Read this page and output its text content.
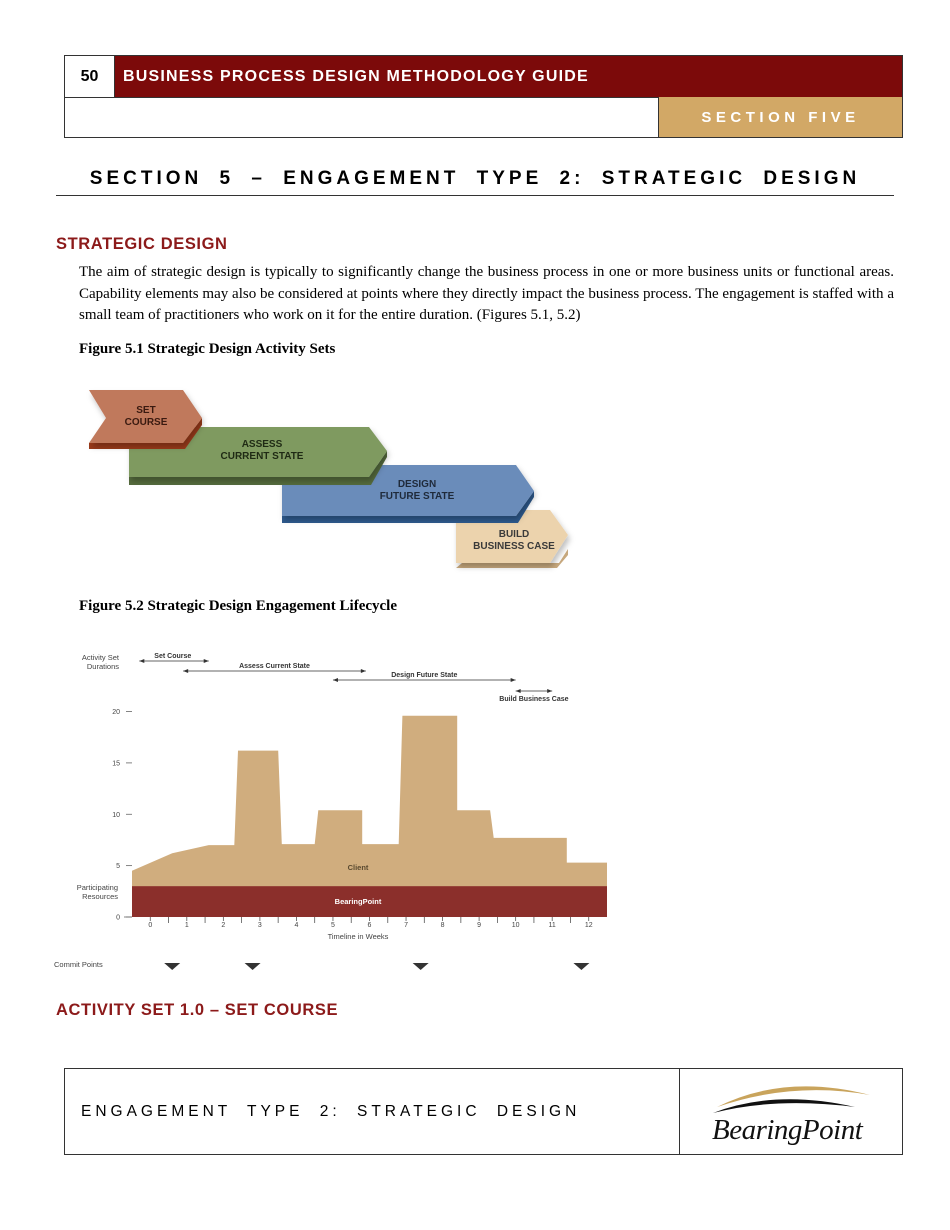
50	BUSINESS PROCESS DESIGN METHODOLOGY GUIDE
SECTION FIVE
SECTION 5 – ENGAGEMENT TYPE 2: STRATEGIC DESIGN
STRATEGIC DESIGN
The aim of strategic design is typically to significantly change the business process in one or more business units or functional areas. Capability elements may also be considered at points where they directly impact the business process. The engagement is staffed with a small team of practitioners who work on it for the entire duration. (Figures 5.1, 5.2)
Figure 5.1 Strategic Design Activity Sets
BUILD
BUSINESS CASE
DESIGN
FUTURE STATE
ASSESS
CURRENT STATE
SET
COURSE
Figure 5.2 Strategic Design Engagement Lifecycle
Activity Set
Durations
Participating
Resources
Commit Points
Timeline in Weeks
0
5
10
15
20
0	1	2	3	4	5	6	7	8	9	10	11	12
Set Course
Assess Current State
Design Future State
Build Business Case
Client
BearingPoint
ACTIVITY SET 1.0 – SET COURSE
ENGAGEMENT TYPE 2: STRATEGIC DESIGN
BearingPoint
